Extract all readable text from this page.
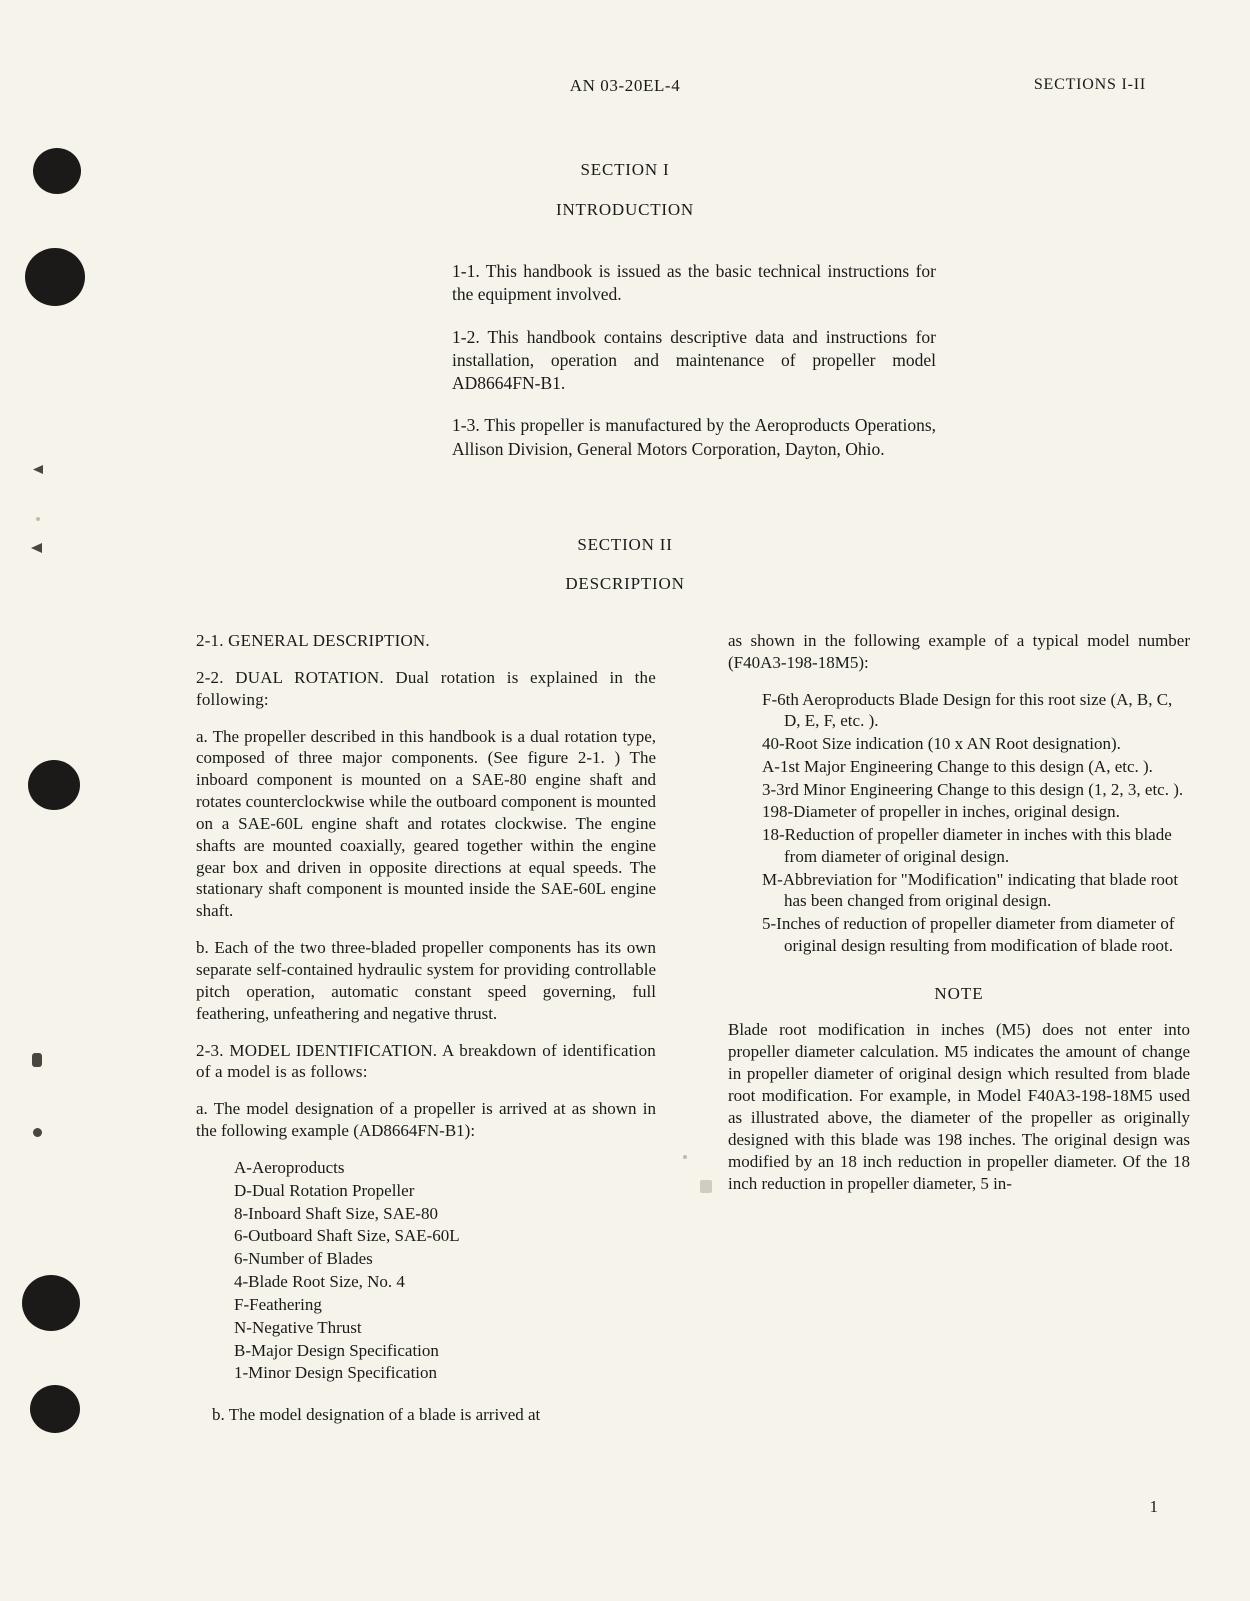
AN 03-20EL-4	SECTIONS I-II
SECTION I
INTRODUCTION

1-1. This handbook is issued as the basic technical instructions for the equipment involved.

1-2. This handbook contains descriptive data and instructions for installation, operation and maintenance of propeller model AD8664FN-B1.

1-3. This propeller is manufactured by the Aeroproducts Operations, Allison Division, General Motors Corporation, Dayton, Ohio.

SECTION II
DESCRIPTION

2-1. GENERAL DESCRIPTION.

2-2. DUAL ROTATION. Dual rotation is explained in the following:

a. The propeller described in this handbook is a dual rotation type, composed of three major components. (See figure 2-1. ) The inboard component is mounted on a SAE-80 engine shaft and rotates counterclockwise while the outboard component is mounted on a SAE-60L engine shaft and rotates clockwise. The engine shafts are mounted coaxially, geared together within the engine gear box and driven in opposite directions at equal speeds. The stationary shaft component is mounted inside the SAE-60L engine shaft.

b. Each of the two three-bladed propeller components has its own separate self-contained hydraulic system for providing controllable pitch operation, automatic constant speed governing, full feathering, unfeathering and negative thrust.

2-3. MODEL IDENTIFICATION. A breakdown of identification of a model is as follows:

a. The model designation of a propeller is arrived at as shown in the following example (AD8664FN-B1):

A-Aeroproducts
D-Dual Rotation Propeller
8-Inboard Shaft Size, SAE-80
6-Outboard Shaft Size, SAE-60L
6-Number of Blades
4-Blade Root Size, No. 4
F-Feathering
N-Negative Thrust
B-Major Design Specification
1-Minor Design Specification

b. The model designation of a blade is arrived at

as shown in the following example of a typical model number (F40A3-198-18M5):

F-6th Aeroproducts Blade Design for this root size (A, B, C, D, E, F, etc. ).
40-Root Size indication (10 x AN Root designation).
A-1st Major Engineering Change to this design (A, etc. ).
3-3rd Minor Engineering Change to this design (1, 2, 3, etc. ).
198-Diameter of propeller in inches, original design.
18-Reduction of propeller diameter in inches with this blade from diameter of original design.
M-Abbreviation for "Modification" indicating that blade root has been changed from original design.
5-Inches of reduction of propeller diameter from diameter of original design resulting from modification of blade root.
NOTE
Blade root modification in inches (M5) does not enter into propeller diameter calculation. M5 indicates the amount of change in propeller diameter of original design which resulted from blade root modification. For example, in Model F40A3-198-18M5 used as illustrated above, the diameter of the propeller as originally designed with this blade was 198 inches. The original design was modified by an 18 inch reduction in propeller diameter. Of the 18 inch reduction in propeller diameter, 5 in-
1
